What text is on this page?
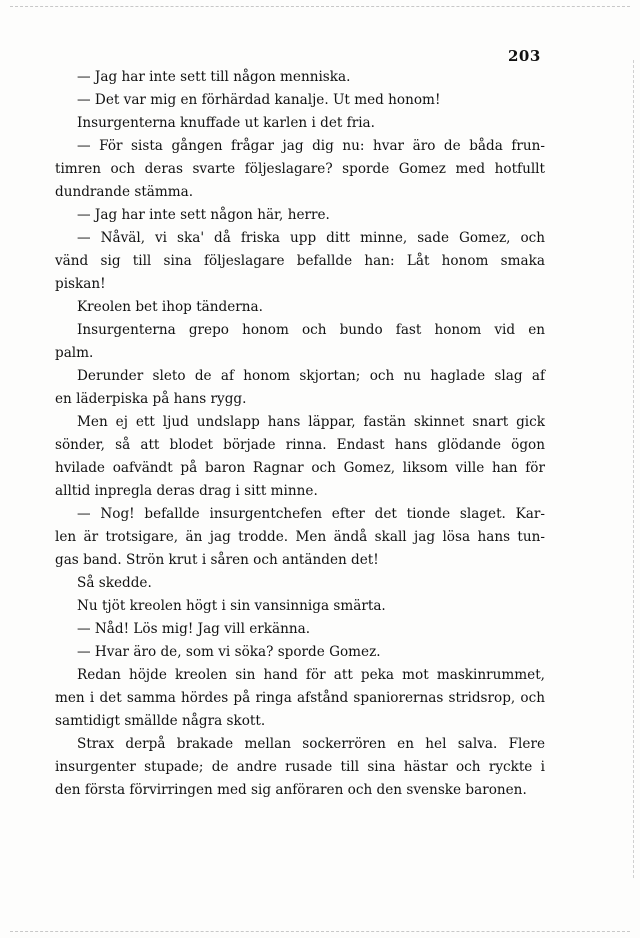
203
— Jag har inte sett till någon menniska.
— Det var mig en förhärdad kanalje. Ut med honom!
Insurgenterna knuffade ut karlen i det fria.
— För sista gången frågar jag dig nu: hvar äro de båda frun-
timren och deras svarte följeslagare? sporde Gomez med hotfullt
dundrande stämma.
— Jag har inte sett någon här, herre.
— Nåväl, vi ska' då friska upp ditt minne, sade Gomez, och
vänd sig till sina följeslagare befallde han: Låt honom smaka
piskan!
Kreolen bet ihop tänderna.
Insurgenterna grepo honom och bundo fast honom vid en
palm.
Derunder sleto de af honom skjortan; och nu haglade slag af
en läderpiska på hans rygg.
Men ej ett ljud undslapp hans läppar, fastän skinnet snart gick
sönder, så att blodet började rinna. Endast hans glödande ögon
hvilade oafvändt på baron Ragnar och Gomez, liksom ville han för
alltid inpregla deras drag i sitt minne.
— Nog! befallde insurgentchefen efter det tionde slaget. Kar-
len är trotsigare, än jag trodde. Men ändå skall jag lösa hans tun-
gas band. Strön krut i såren och antänden det!
Så skedde.
Nu tjöt kreolen högt i sin vansinniga smärta.
— Nåd! Lös mig! Jag vill erkänna.
— Hvar äro de, som vi söka? sporde Gomez.
Redan höjde kreolen sin hand för att peka mot maskinrummet,
men i det samma hördes på ringa afstånd spaniorernas stridsrop, och
samtidigt smällde några skott.
Strax derpå brakade mellan sockerrören en hel salva. Flere
insurgenter stupade; de andre rusade till sina hästar och ryckte i
den första förvirringen med sig anföraren och den svenske baronen.
